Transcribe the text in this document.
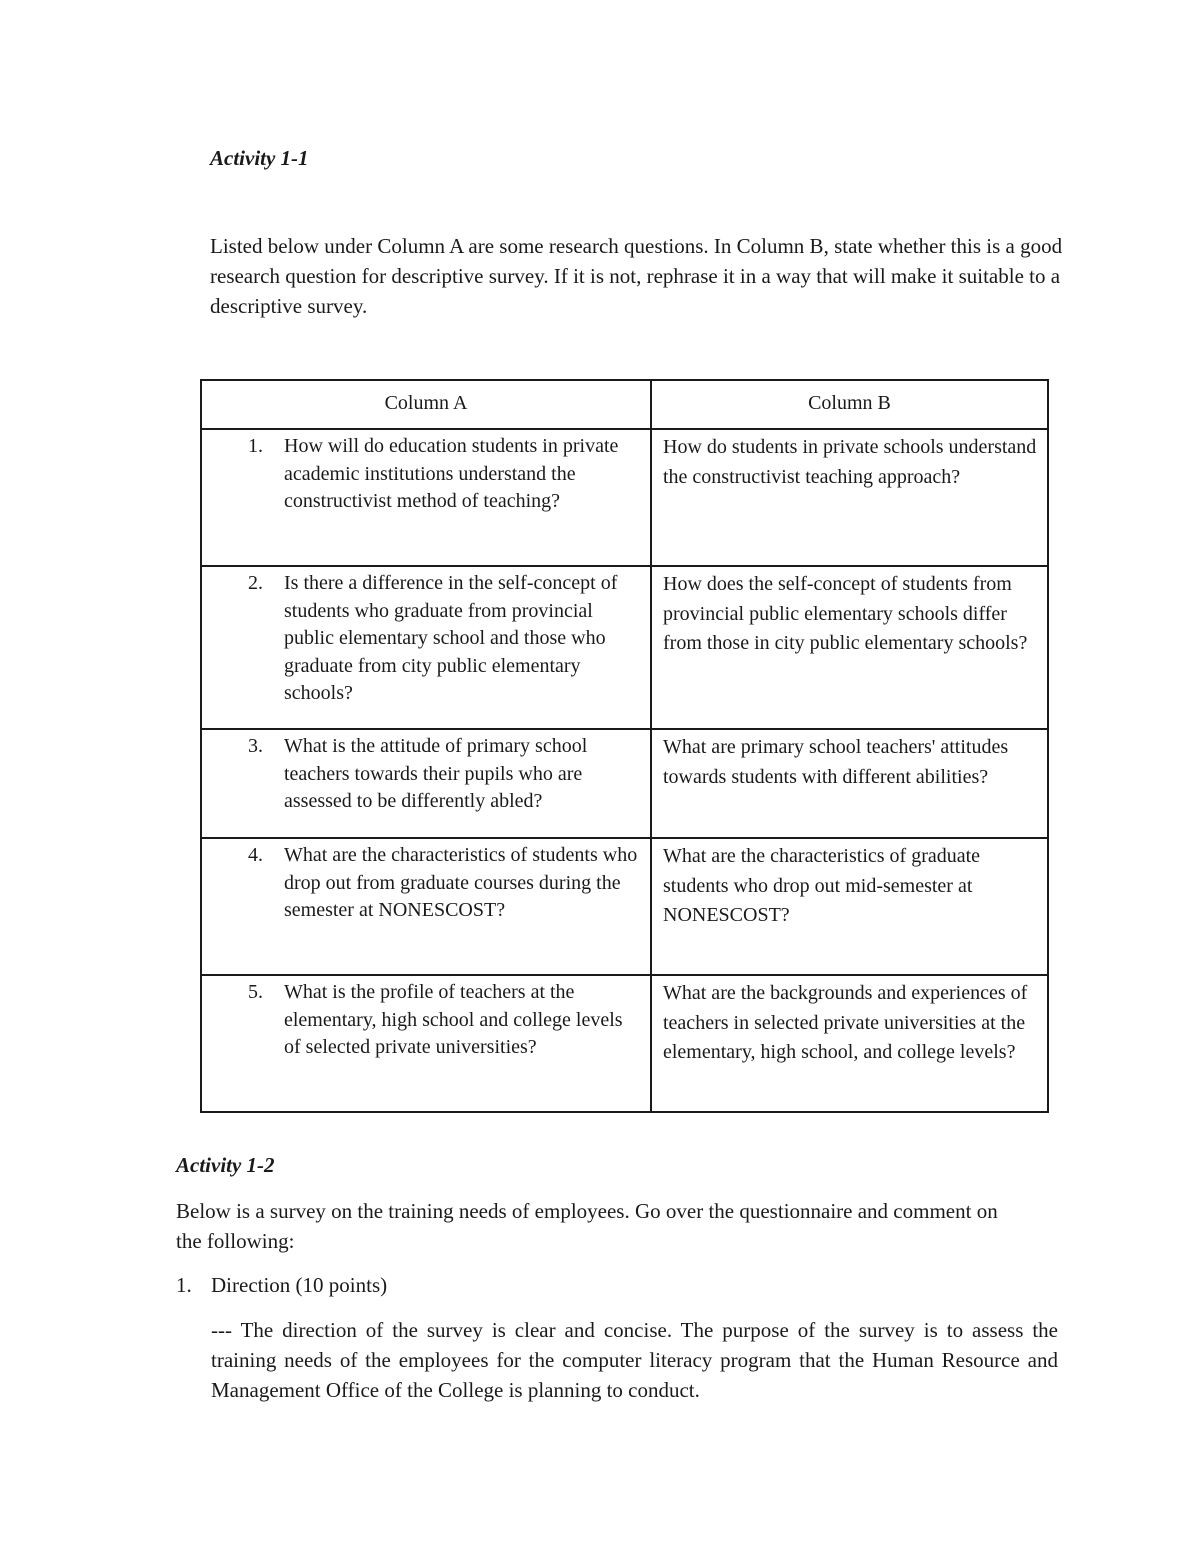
Activity 1-1
Listed below under Column A are some research questions. In Column B, state whether this is a good research question for descriptive survey. If it is not, rephrase it in a way that will make it suitable to a descriptive survey.
Column A	Column B

1. How will do education students in private academic institutions understand the constructivist method of teaching?	How do students in private schools understand the constructivist teaching approach?

2. Is there a difference in the self-concept of students who graduate from provincial public elementary school and those who graduate from city public elementary schools?	How does the self-concept of students from provincial public elementary schools differ from those in city public elementary schools?

3. What is the attitude of primary school teachers towards their pupils who are assessed to be differently abled?	What are primary school teachers' attitudes towards students with different abilities?

4. What are the characteristics of students who drop out from graduate courses during the semester at NONESCOST?	What are the characteristics of graduate students who drop out mid-semester at NONESCOST?

5. What is the profile of teachers at the elementary, high school and college levels of selected private universities?	What are the backgrounds and experiences of teachers in selected private universities at the elementary, high school, and college levels?
Activity 1-2
Below is a survey on the training needs of employees. Go over the questionnaire and comment on the following:
1. Direction (10 points)
--- The direction of the survey is clear and concise. The purpose of the survey is to assess the training needs of the employees for the computer literacy program that the Human Resource and Management Office of the College is planning to conduct.
